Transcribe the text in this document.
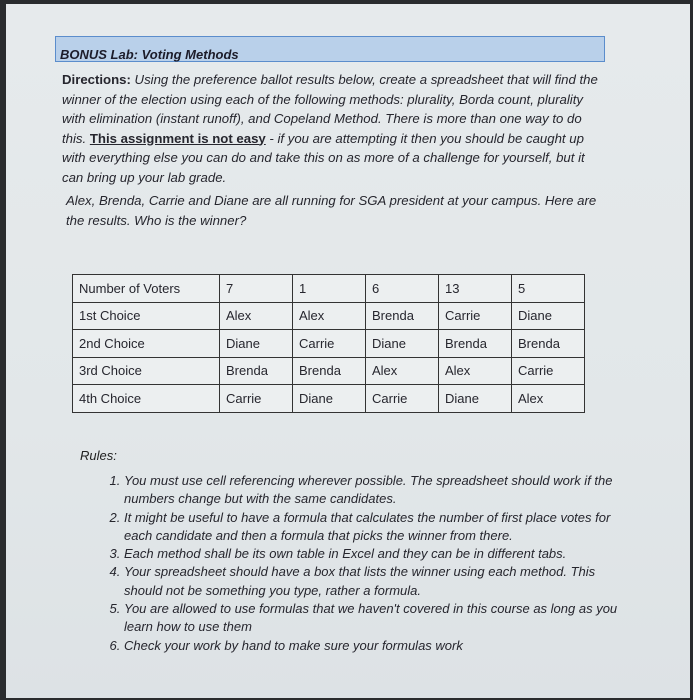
BONUS Lab: Voting Methods
Directions: Using the preference ballot results below, create a spreadsheet that will find the winner of the election using each of the following methods: plurality, Borda count, plurality with elimination (instant runoff), and Copeland Method. There is more than one way to do this. This assignment is not easy - if you are attempting it then you should be caught up with everything else you can do and take this on as more of a challenge for yourself, but it can bring up your lab grade.
Alex, Brenda, Carrie and Diane are all running for SGA president at your campus. Here are the results. Who is the winner?
Number of Voters	7	1	6	13	5
1st Choice	Alex	Alex	Brenda	Carrie	Diane
2nd Choice	Diane	Carrie	Diane	Brenda	Brenda
3rd Choice	Brenda	Brenda	Alex	Alex	Carrie
4th Choice	Carrie	Diane	Carrie	Diane	Alex
Rules:
1. You must use cell referencing wherever possible. The spreadsheet should work if the numbers change but with the same candidates.
2. It might be useful to have a formula that calculates the number of first place votes for each candidate and then a formula that picks the winner from there.
3. Each method shall be its own table in Excel and they can be in different tabs.
4. Your spreadsheet should have a box that lists the winner using each method. This should not be something you type, rather a formula.
5. You are allowed to use formulas that we haven't covered in this course as long as you learn how to use them
6. Check your work by hand to make sure your formulas work
